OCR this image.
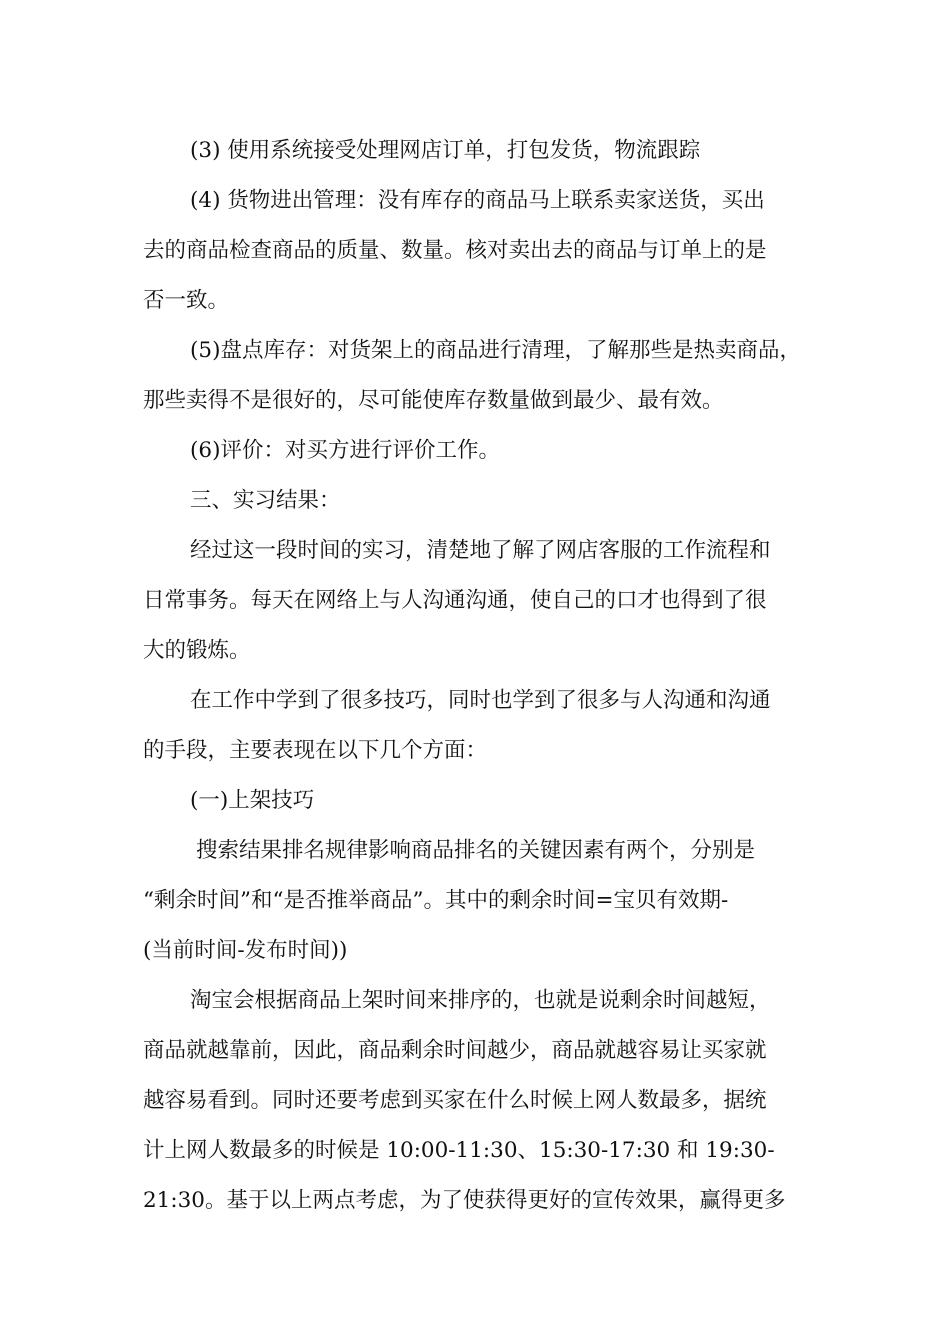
(3) 使用系统接受处理网店订单，打包发货，物流跟踪
(4) 货物进出管理：没有库存的商品马上联系卖家送货，买出
去的商品检查商品的质量、数量。核对卖出去的商品与订单上的是
否一致。
(5)盘点库存：对货架上的商品进行清理，了解那些是热卖商品，
那些卖得不是很好的，尽可能使库存数量做到最少、最有效。
(6)评价：对买方进行评价工作。
三、实习结果：
经过这一段时间的实习，清楚地了解了网店客服的工作流程和
日常事务。每天在网络上与人沟通沟通，使自己的口才也得到了很
大的锻炼。
在工作中学到了很多技巧，同时也学到了很多与人沟通和沟通
的手段，主要表现在以下几个方面：
(一)上架技巧
搜索结果排名规律影响商品排名的关键因素有两个，分别是
“剩余时间”和“是否推举商品”。其中的剩余时间=宝贝有效期-
(当前时间-发布时间))
淘宝会根据商品上架时间来排序的，也就是说剩余时间越短，
商品就越靠前，因此，商品剩余时间越少，商品就越容易让买家就
越容易看到。同时还要考虑到买家在什么时候上网人数最多，据统
计上网人数最多的时候是 10:00-11:30、15:30-17:30 和 19:30-
21:30。基于以上两点考虑，为了使获得更好的宣传效果，赢得更多
